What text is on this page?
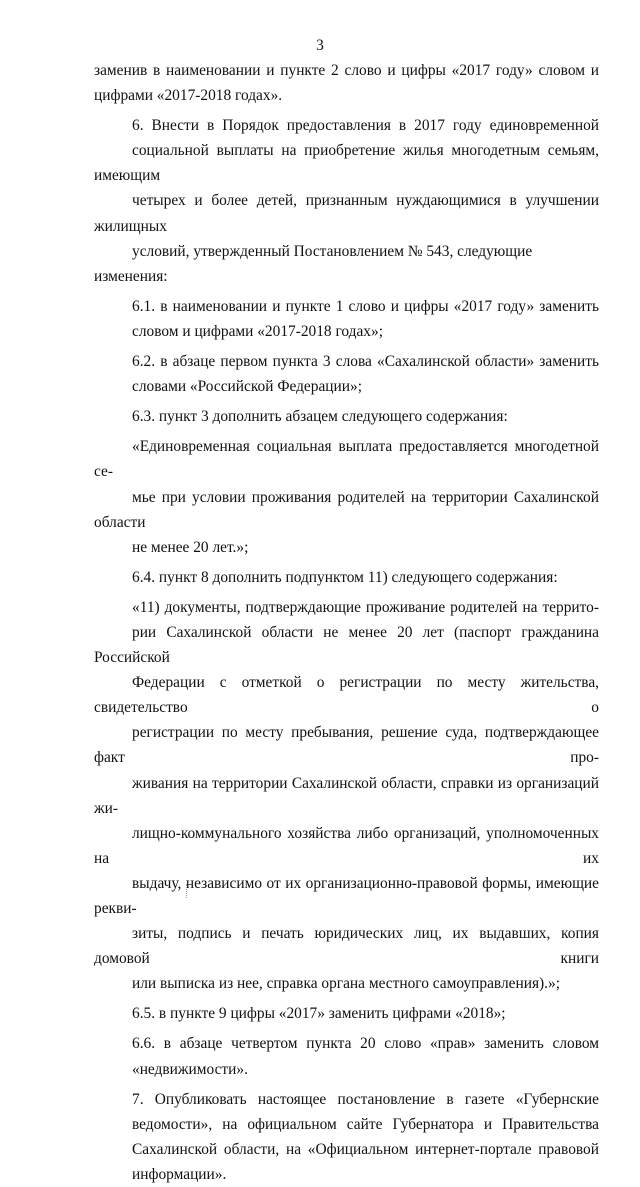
3

заменив в наименовании и пункте 2 слово и цифры «2017 году» словом и
цифрами «2017-2018 годах».

6. Внести в Порядок предоставления в 2017 году единовременной
социальной выплаты на приобретение жилья многодетным семьям, имеющим
четырех и более детей, признанным нуждающимися в улучшении жилищных
условий, утвержденный Постановлением № 543, следующие изменения:

6.1. в наименовании и пункте 1 слово и цифры «2017 году» заменить
словом и цифрами «2017-2018 годах»;

6.2. в абзаце первом пункта 3 слова «Сахалинской области» заменить
словами «Российской Федерации»;

6.3. пункт 3 дополнить абзацем следующего содержания:

«Единовременная социальная выплата предоставляется многодетной се-
мье при условии проживания родителей на территории Сахалинской области
не менее 20 лет.»;

6.4. пункт 8 дополнить подпунктом 11) следующего содержания:

«11) документы, подтверждающие проживание родителей на террито-
рии Сахалинской области не менее 20 лет (паспорт гражданина Российской
Федерации с отметкой о регистрации по месту жительства, свидетельство о
регистрации по месту пребывания, решение суда, подтверждающее факт про-
живания на территории Сахалинской области, справки из организаций жи-
лищно-коммунального хозяйства либо организаций, уполномоченных на их
выдачу, независимо от их организационно-правовой формы, имеющие рекви-
зиты, подпись и печать юридических лиц, их выдавших, копия домовой книги
или выписка из нее, справка органа местного самоуправления).»;

6.5. в пункте 9 цифры «2017» заменить цифрами «2018»;

6.6. в абзаце четвертом пункта 20 слово «прав» заменить словом
«недвижимости».

7. Опубликовать настоящее постановление в газете «Губернские
ведомости», на официальном сайте Губернатора и Правительства
Сахалинской области, на «Официальном интернет-портале правовой
информации».
